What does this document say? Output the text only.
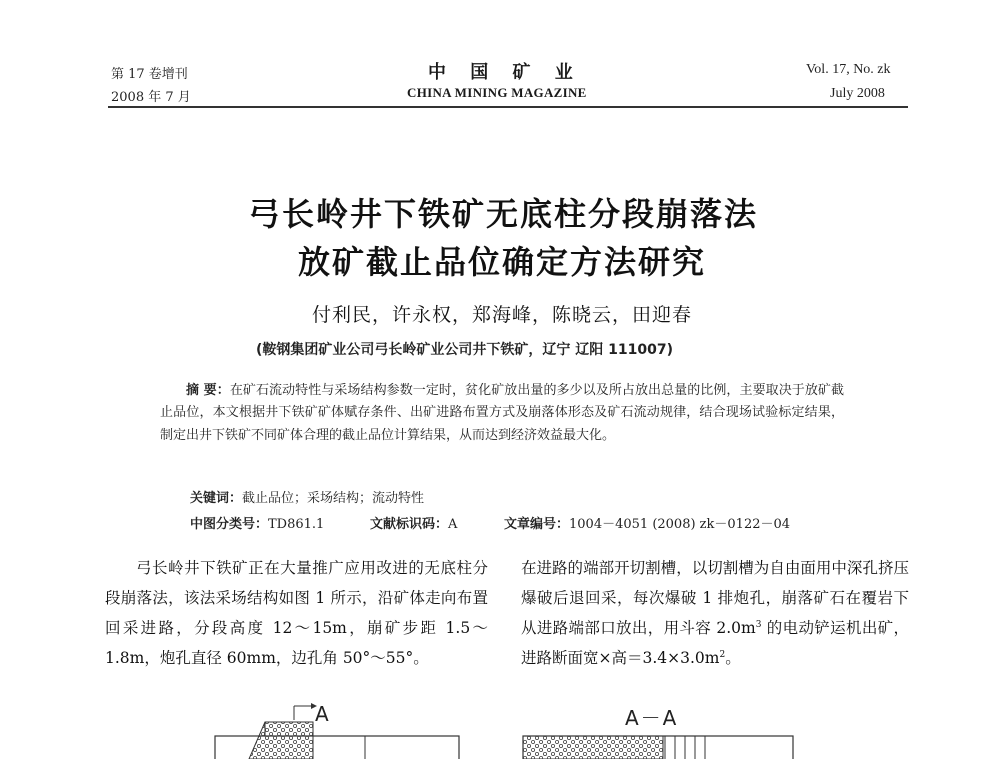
第 17 卷增刊
2008 年 7 月
中 国 矿 业
CHINA MINING MAGAZINE
Vol. 17, No. zk
July 2008
弓长岭井下铁矿无底柱分段崩落法
放矿截止品位确定方法研究
付利民，许永权，郑海峰，陈晓云，田迎春
(鞍钢集团矿业公司弓长岭矿业公司井下铁矿，辽宁 辽阳 111007)
摘 要：在矿石流动特性与采场结构参数一定时，贫化矿放出量的多少以及所占放出总量的比例，主要取决于放矿截止品位，本文根据井下铁矿矿体赋存条件、出矿进路布置方式及崩落体形态及矿石流动规律，结合现场试验标定结果，制定出井下铁矿不同矿体合理的截止品位计算结果，从而达到经济效益最大化。
关键词：截止品位；采场结构；流动特性
中图分类号：TD861.1	文献标识码：A	文章编号：1004－4051 (2008) zk－0122－04
弓长岭井下铁矿正在大量推广应用改进的无底柱分段崩落法，该法采场结构如图 1 所示，沿矿体走向布置回采进路，分段高度 12～15m，崩矿步距 1.5～1.8m，炮孔直径 60mm，边孔角 50°～55°。
在进路的端部开切割槽，以切割槽为自由面用中深孔挤压爆破后退回采，每次爆破 1 排炮孔，崩落矿石在覆岩下从进路端部口放出，用斗容 $2.0m^3$ 的电动铲运机出矿，进路断面宽×高$=3.4\times 3.0m^2$。
A	A－A
